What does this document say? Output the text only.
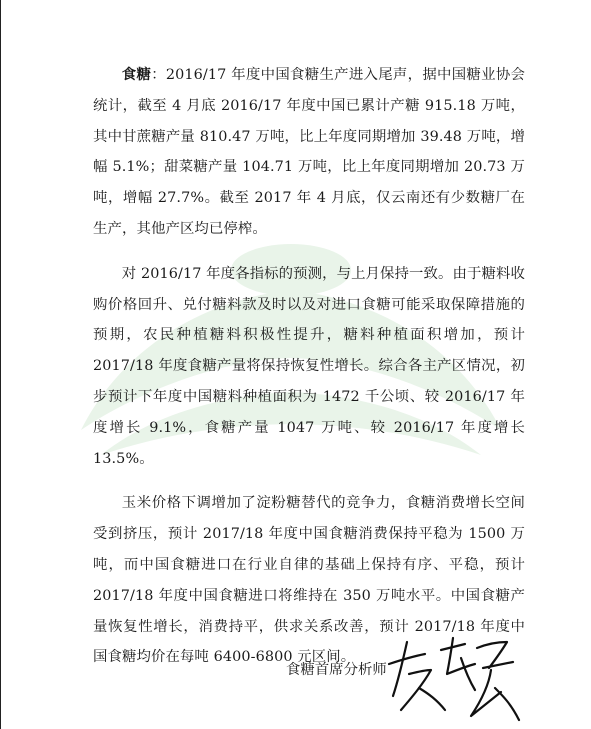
食糖：2016/17 年度中国食糖生产进入尾声，据中国糖业协会统计，截至 4 月底 2016/17 年度中国已累计产糖 915.18 万吨，其中甘蔗糖产量 810.47 万吨，比上年度同期增加 39.48 万吨，增幅 5.1%；甜菜糖产量 104.71 万吨，比上年度同期增加 20.73 万吨，增幅 27.7%。截至 2017 年 4 月底，仅云南还有少数糖厂在生产，其他产区均已停榨。

对 2016/17 年度各指标的预测，与上月保持一致。由于糖料收购价格回升、兑付糖料款及时以及对进口食糖可能采取保障措施的预期，农民种植糖料积极性提升，糖料种植面积增加，预计 2017/18 年度食糖产量将保持恢复性增长。综合各主产区情况，初步预计下年度中国糖料种植面积为 1472 千公顷、较 2016/17 年度增长 9.1%，食糖产量 1047 万吨、较 2016/17 年度增长 13.5%。

玉米价格下调增加了淀粉糖替代的竞争力，食糖消费增长空间受到挤压，预计 2017/18 年度中国食糖消费保持平稳为 1500 万吨，而中国食糖进口在行业自律的基础上保持有序、平稳，预计 2017/18 年度中国食糖进口将维持在 350 万吨水平。中国食糖产量恢复性增长，消费持平，供求关系改善，预计 2017/18 年度中国食糖均价在每吨 6400-6800 元区间。

食糖首席分析师
